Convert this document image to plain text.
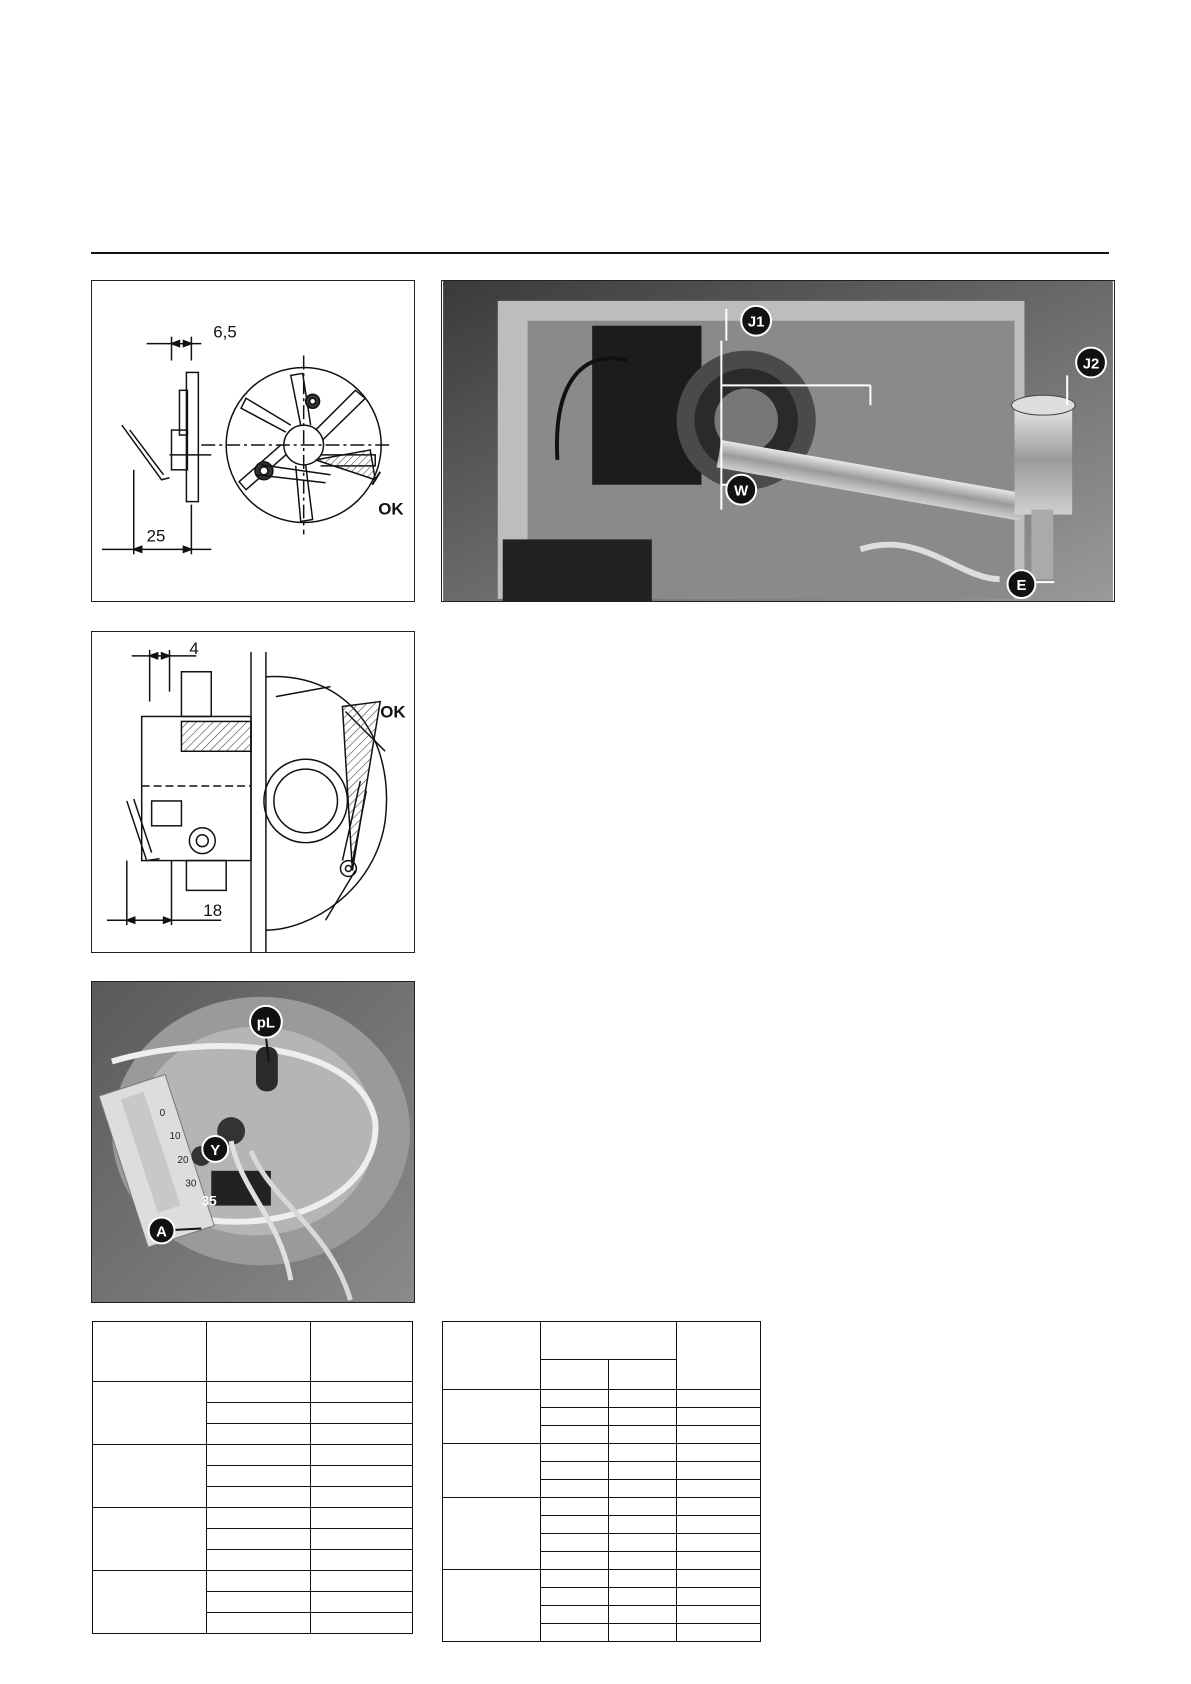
6,5
25
OK
J1
J2
W
E
4
18
OK
0
10
20
30
35
pL
Y
A
